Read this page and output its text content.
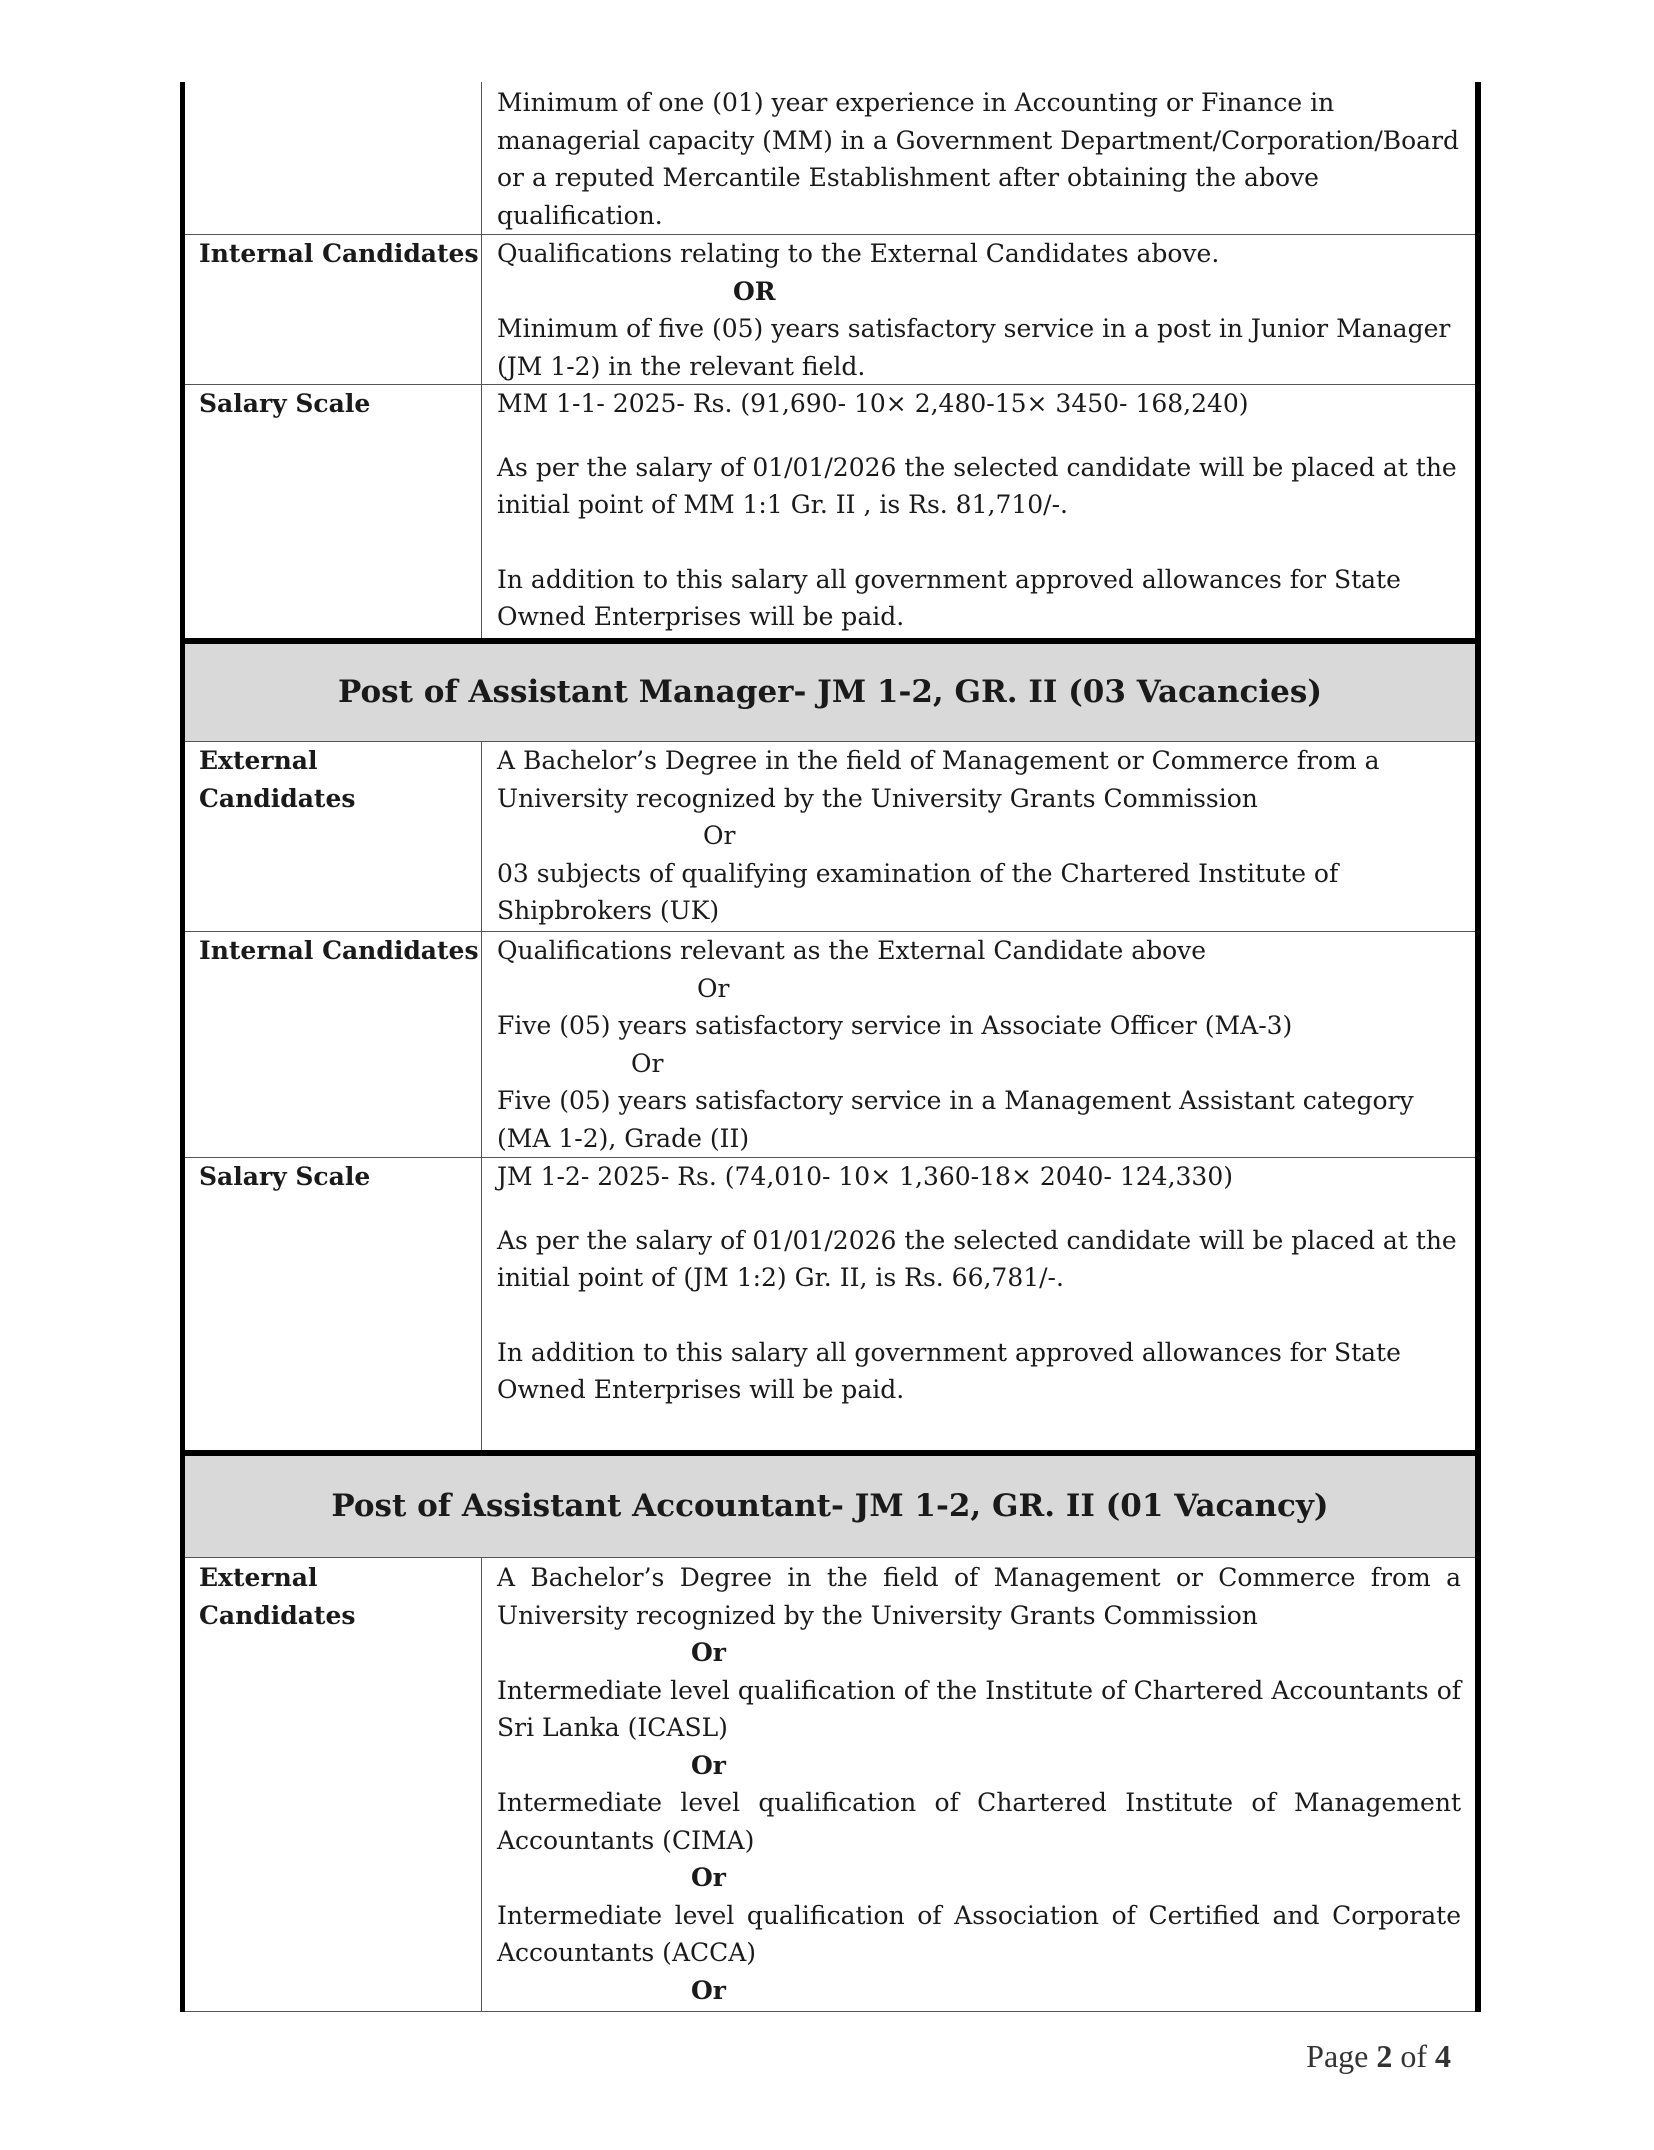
Minimum of one (01) year experience in Accounting or Finance in managerial capacity (MM) in a Government Department/Corporation/Board or a reputed Mercantile Establishment after obtaining the above qualification.

Internal Candidates Qualifications relating to the External Candidates above.

OR

Minimum of five (05) years satisfactory service in a post in Junior Manager (JM 1-2) in the relevant field.

Salary Scale	MM 1-1- 2025- Rs. (91,690- 10× 2,480-15× 3450- 168,240)

As per the salary of 01/01/2026 the selected candidate will be placed at the initial point of MM 1:1 Gr. II , is Rs. 81,710/-.

In addition to this salary all government approved allowances for State Owned Enterprises will be paid.

Post of Assistant Manager- JM 1-2, GR. II (03 Vacancies)
External Candidates

A Bachelor’s Degree in the field of Management or Commerce from a University recognized by the University Grants Commission

Or

03 subjects of qualifying examination of the Chartered Institute of Shipbrokers (UK)

Internal Candidates Qualifications relevant as the External Candidate above

Or

Five (05) years satisfactory service in Associate Officer (MA-3)

Or

Five (05) years satisfactory service in a Management Assistant category (MA 1-2), Grade (II)

Salary Scale	JM 1-2- 2025- Rs. (74,010- 10× 1,360-18× 2040- 124,330)

As per the salary of 01/01/2026 the selected candidate will be placed at the initial point of (JM 1:2) Gr. II, is Rs. 66,781/-.

In addition to this salary all government approved allowances for State Owned Enterprises will be paid.

Post of Assistant Accountant- JM 1-2, GR. II (01 Vacancy)
External Candidates

A Bachelor’s Degree in the field of Management or Commerce from a University recognized by the University Grants Commission

Or

Intermediate level qualification of the Institute of Chartered Accountants of Sri Lanka (ICASL)

Or

Intermediate level qualification of Chartered Institute of Management Accountants (CIMA)

Or

Intermediate level qualification of Association of Certified and Corporate Accountants (ACCA)

Or

Page 2 of 4
